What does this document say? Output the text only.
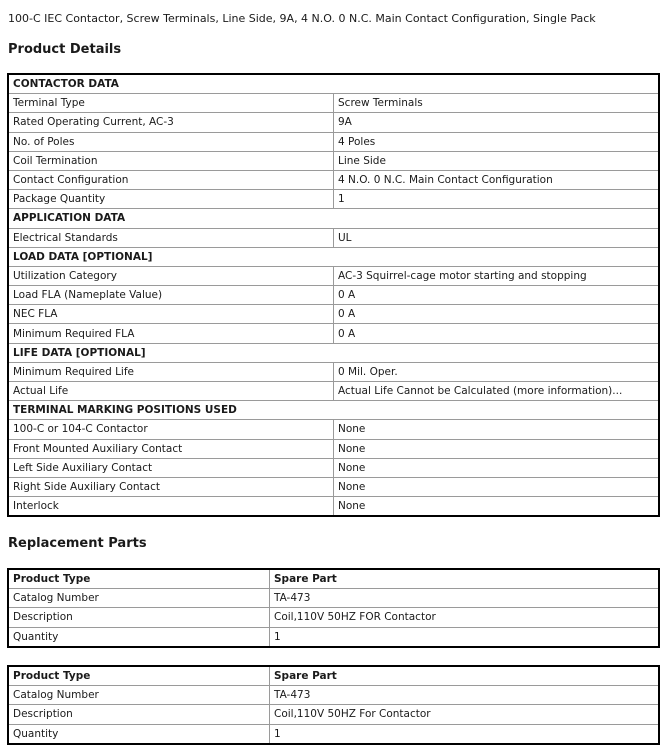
100-C IEC Contactor, Screw Terminals, Line Side, 9A, 4 N.O. 0 N.C. Main Contact Configuration, Single Pack
Product Details
CONTACTOR DATA	
Terminal Type	Screw Terminals
Rated Operating Current, AC-3	9A
No. of Poles	4 Poles
Coil Termination	Line Side
Contact Configuration	4 N.O. 0 N.C. Main Contact Configuration
Package Quantity	1
APPLICATION DATA	
Electrical Standards	UL
LOAD DATA [OPTIONAL]	
Utilization Category	AC-3 Squirrel-cage motor starting and stopping
Load FLA (Nameplate Value)	0 A
NEC FLA	0 A
Minimum Required FLA	0 A
LIFE DATA [OPTIONAL]	
Minimum Required Life	0 Mil. Oper.
Actual Life	Actual Life Cannot be Calculated (more information)...
TERMINAL MARKING POSITIONS USED	
100-C or 104-C Contactor	None
Front Mounted Auxiliary Contact	None
Left Side Auxiliary Contact	None
Right Side Auxiliary Contact	None
Interlock	None
Replacement Parts
Product Type	Spare Part
Catalog Number	TA-473
Description	Coil,110V 50HZ FOR Contactor
Quantity	1
Product Type	Spare Part
Catalog Number	TA-473
Description	Coil,110V 50HZ For Contactor
Quantity	1
